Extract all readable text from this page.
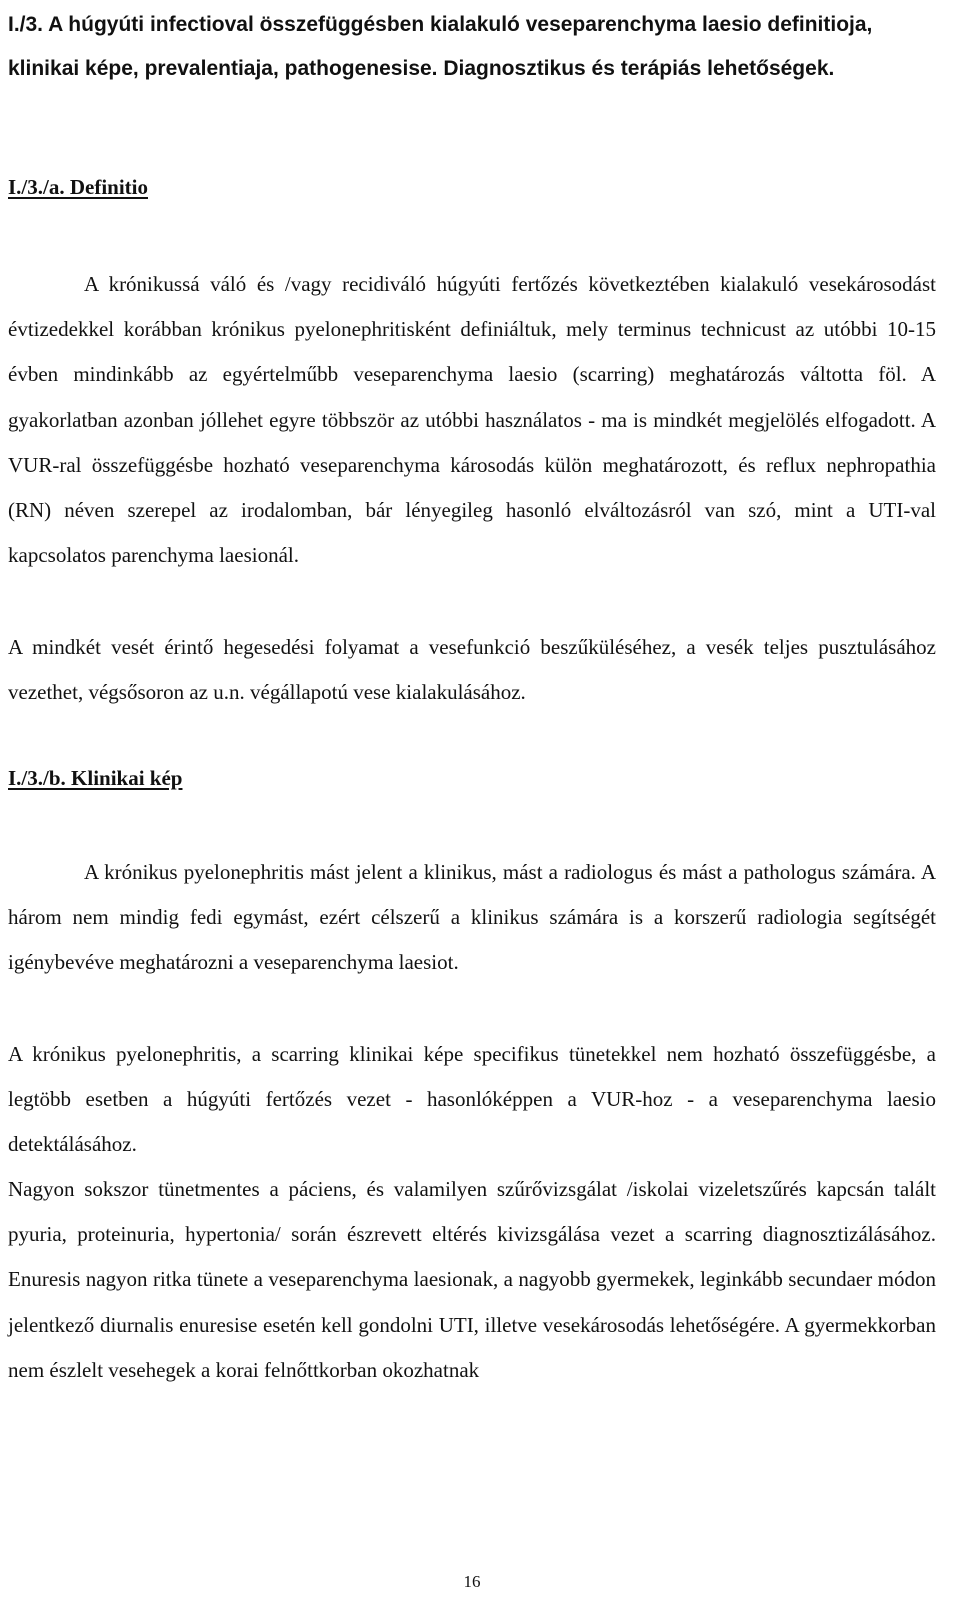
I./3. A húgyúti infectioval összefüggésben kialakuló veseparenchyma laesio definitioja, klinikai képe, prevalentiaja, pathogenesise. Diagnosztikus és terápiás lehetőségek.
I./3./a. Definitio

A krónikussá váló és /vagy recidiváló húgyúti fertőzés következtében kialakuló vesekárosodást évtizedekkel korábban krónikus pyelonephritisként definiáltuk, mely terminus technicust az utóbbi 10-15 évben mindinkább az egyértelműbb veseparenchyma laesio (scarring) meghatározás váltotta föl. A gyakorlatban azonban jóllehet egyre többször az utóbbi használatos - ma is mindkét megjelölés elfogadott. A VUR-ral összefüggésbe hozható veseparenchyma károsodás külön meghatározott, és reflux nephropathia (RN) néven szerepel az irodalomban, bár lényegileg hasonló elváltozásról van szó, mint a UTI-val kapcsolatos parenchyma laesionál.

A mindkét vesét érintő hegesedési folyamat a vesefunkció beszűküléséhez, a vesék teljes pusztulásához vezethet, végsősoron az u.n. végállapotú vese kialakulásához.

I./3./b. Klinikai kép

A krónikus pyelonephritis mást jelent a klinikus, mást a radiologus és mást a pathologus számára. A három nem mindig fedi egymást, ezért célszerű a klinikus számára is a korszerű radiologia segítségét igénybevéve meghatározni a veseparenchyma laesiot.

A krónikus pyelonephritis, a scarring klinikai képe specifikus tünetekkel nem hozható összefüggésbe, a legtöbb esetben a húgyúti fertőzés vezet - hasonlóképpen a VUR-hoz - a veseparenchyma laesio detektálásához.

Nagyon sokszor tünetmentes a páciens, és valamilyen szűrővizsgálat /iskolai vizeletszűrés kapcsán talált pyuria, proteinuria, hypertonia/ során észrevett eltérés kivizsgálása vezet a scarring diagnosztizálásához. Enuresis nagyon ritka tünete a veseparenchyma laesionak, a nagyobb gyermekek, leginkább secundaer módon jelentkező diurnalis enuresise esetén kell gondolni UTI, illetve vesekárosodás lehetőségére. A gyermekkorban nem észlelt vesehegek a korai felnőttkorban okozhatnak

16
